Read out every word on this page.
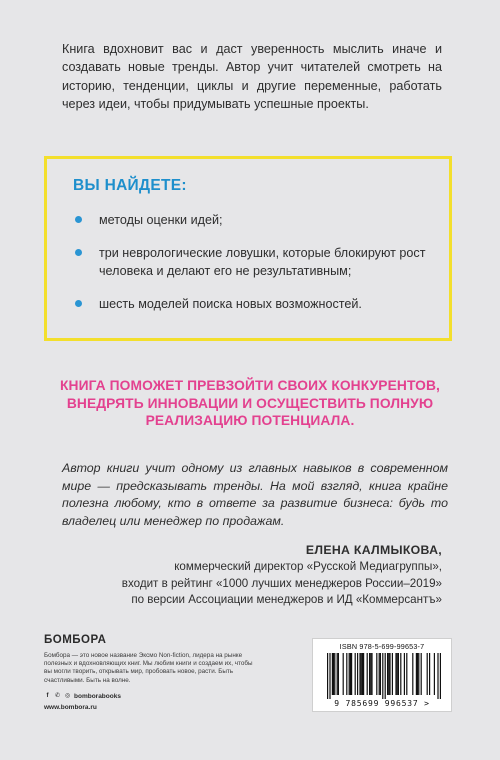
Книга вдохновит вас и даст уверенность мыслить иначе и создавать новые тренды. Автор учит читателей смотреть на историю, тенденции, циклы и другие переменные, работать через идеи, чтобы придумывать успешные проекты.
ВЫ НАЙДЕТЕ:
методы оценки идей;
три неврологические ловушки, которые блокируют рост человека и делают его не результативным;
шесть моделей поиска новых возможностей.
КНИГА ПОМОЖЕТ ПРЕВЗОЙТИ СВОИХ КОНКУРЕНТОВ, ВНЕДРЯТЬ ИННОВАЦИИ И ОСУЩЕСТВИТЬ ПОЛНУЮ РЕАЛИЗАЦИЮ ПОТЕНЦИАЛА.
Автор книги учит одному из главных навыков в современном мире — предсказывать тренды. На мой взгляд, книга крайне полезна любому, кто в ответе за развитие бизнеса: будь то владелец или менеджер по продажам.
ЕЛЕНА КАЛМЫКОВА,
коммерческий директор «Русской Медиагруппы»,
входит в рейтинг «1000 лучших менеджеров России–2019»
по версии Ассоциации менеджеров и ИД «Коммерсантъ»
БОМБОРА
Бомбора — это новое название Эксмо Non-fiction, лидера на рынке полезных и вдохновляющих книг. Мы любим книги и создаем их, чтобы вы могли творить, открывать мир, пробовать новое, расти. Быть счастливыми. Быть на волне.
f	✆ ◎ bomborabooks
www.bombora.ru
ISBN 978-5-699-99653-7
9 785699 996537 >
